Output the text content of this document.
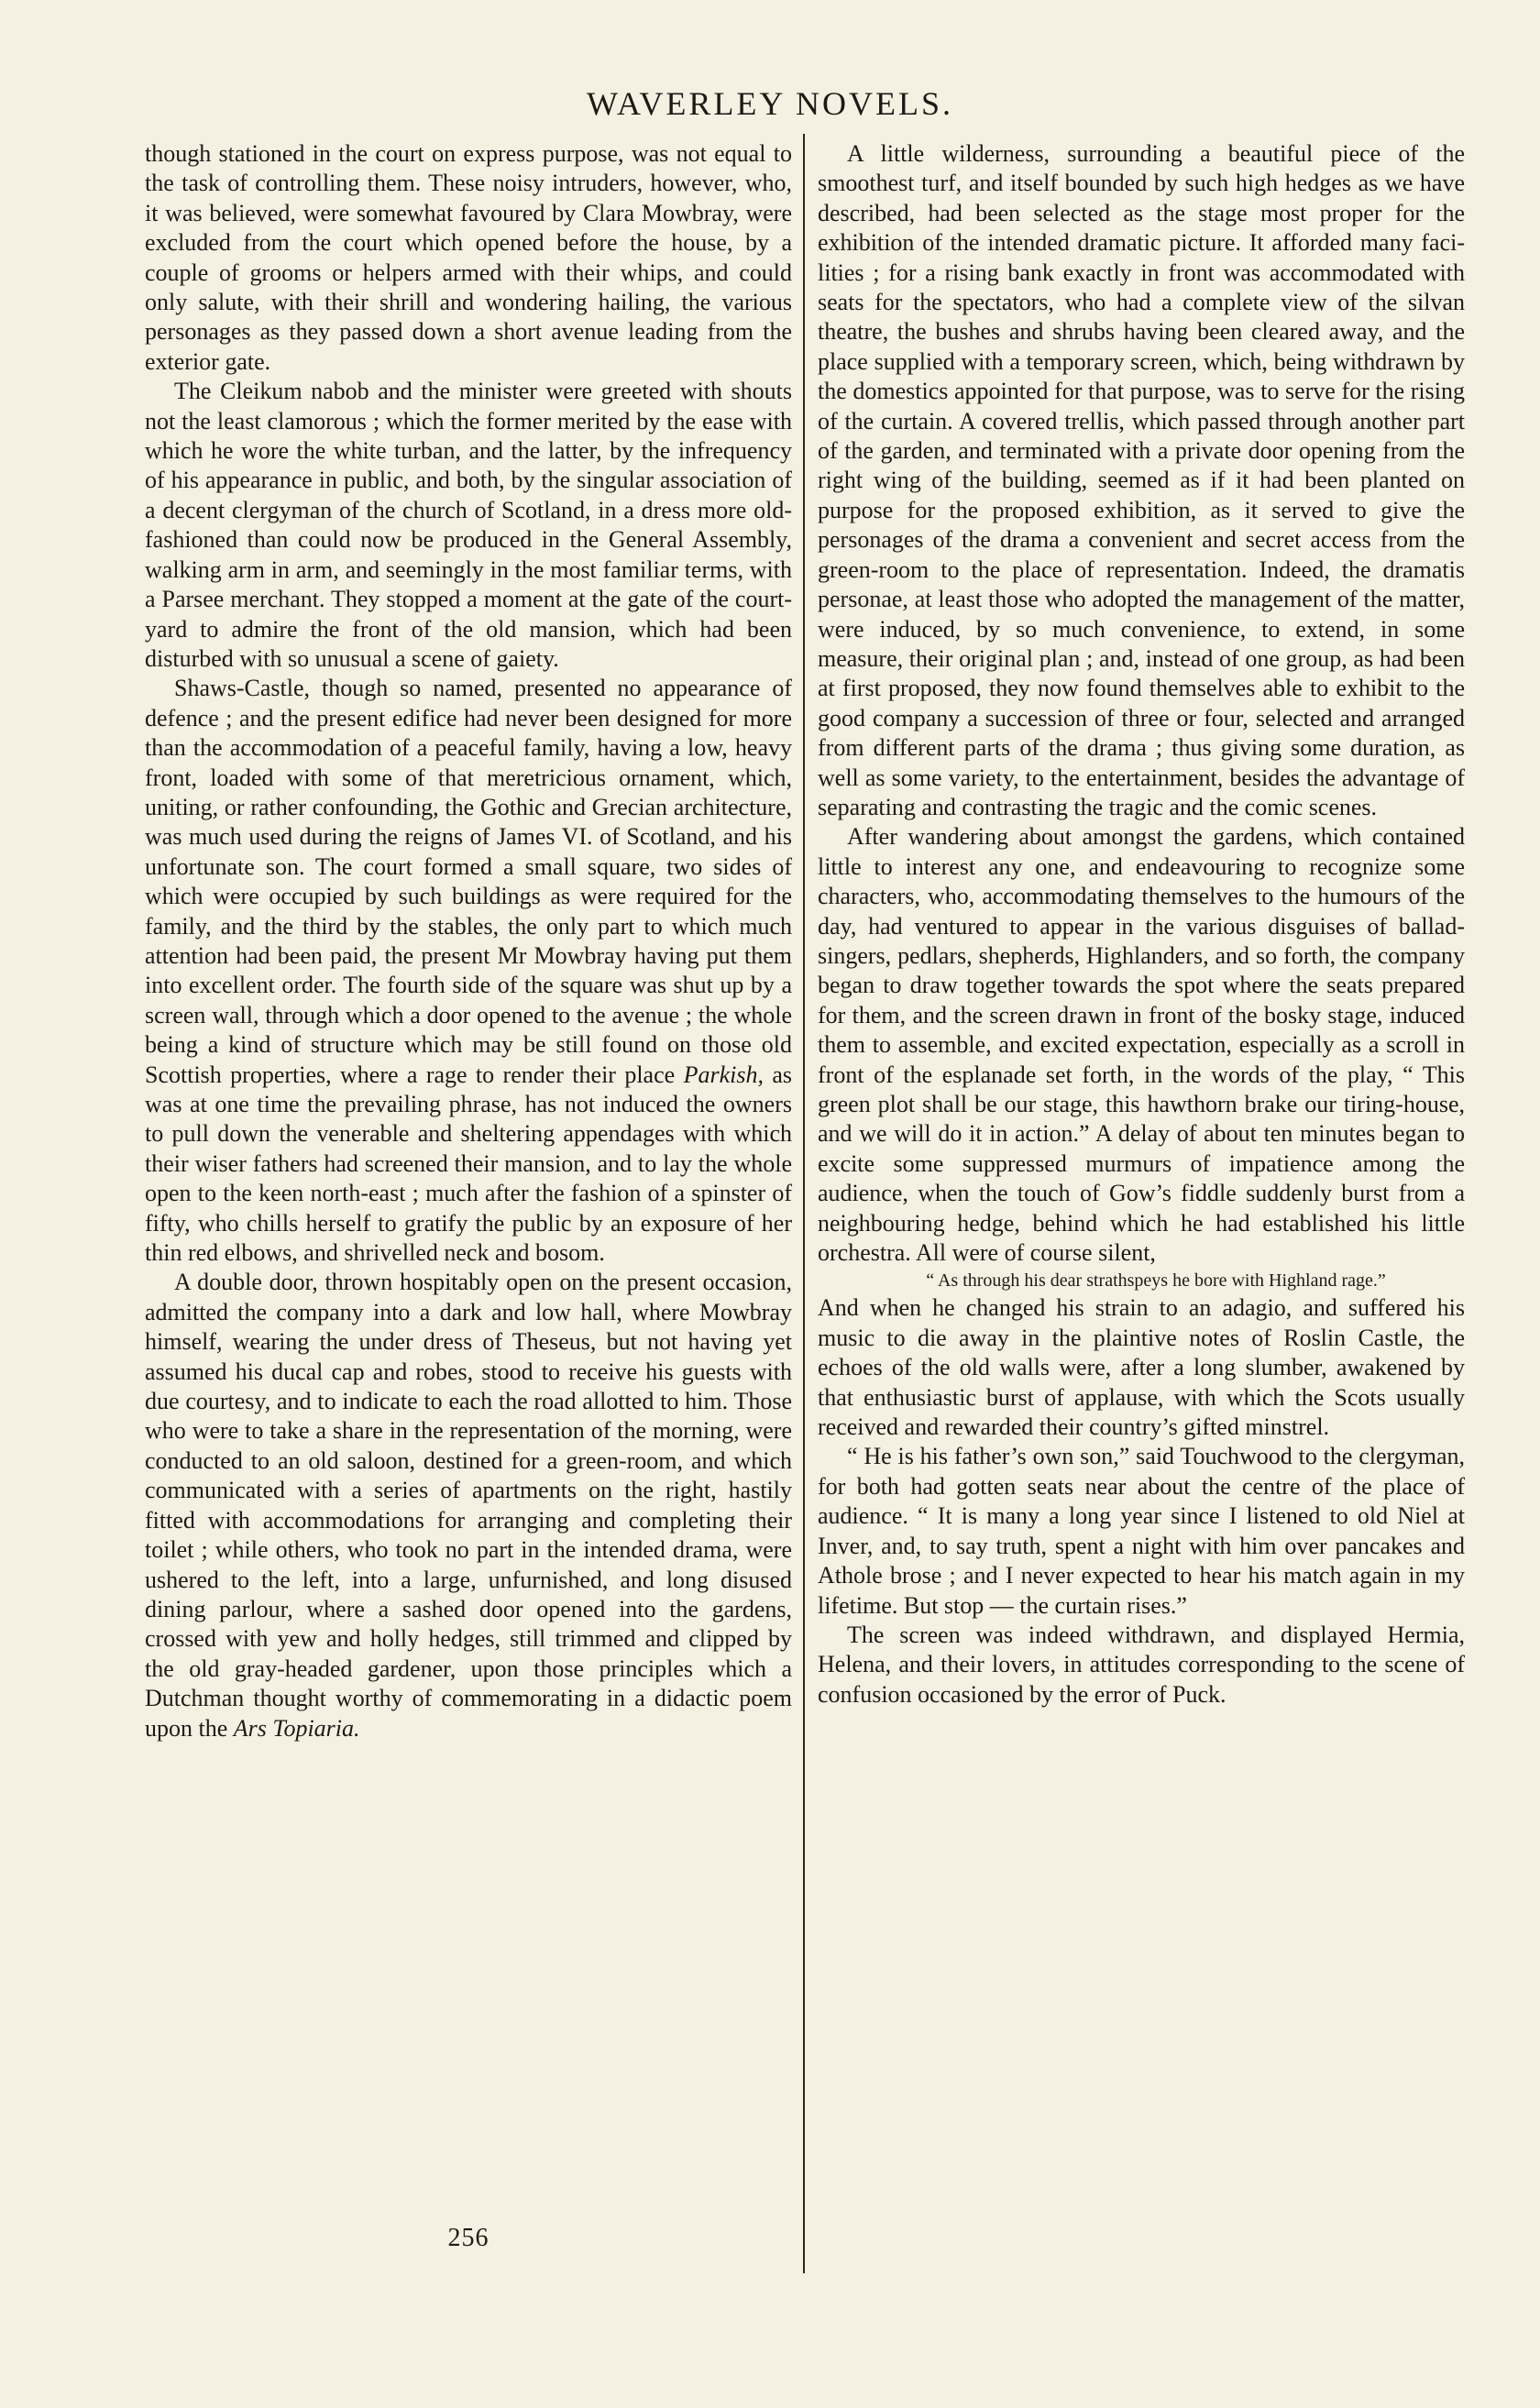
WAVERLEY NOVELS.

though stationed in the court on express purpose, was not equal to the task of controlling them. These noisy intruders, however, who, it was believed, were somewhat favoured by Clara Mowbray, were excluded from the court which opened before the house, by a couple of grooms or helpers armed with their whips, and could only salute, with their shrill and wondering hailing, the various personages as they passed down a short avenue leading from the exterior gate.

The Cleikum nabob and the minister were greeted with shouts not the least clamorous ; which the former merited by the ease with which he wore the white turban, and the latter, by the infrequency of his appearance in public, and both, by the singular association of a decent clergyman of the church of Scotland, in a dress more old-fashioned than could now be produced in the General Assembly, walking arm in arm, and seemingly in the most familiar terms, with a Parsee merchant. They stopped a moment at the gate of the court-yard to admire the front of the old mansion, which had been disturbed with so unusual a scene of gaiety.

Shaws-Castle, though so named, presented no appearance of defence ; and the present edifice had never been designed for more than the accommodation of a peaceful family, having a low, heavy front, loaded with some of that meretricious ornament, which, uniting, or rather confounding, the Gothic and Grecian architecture, was much used during the reigns of James VI. of Scotland, and his unfortunate son. The court formed a small square, two sides of which were occupied by such buildings as were required for the family, and the third by the stables, the only part to which much attention had been paid, the present Mr Mowbray having put them into excellent order. The fourth side of the square was shut up by a screen wall, through which a door opened to the avenue ; the whole being a kind of structure which may be still found on those old Scottish properties, where a rage to render their place Parkish, as was at one time the prevailing phrase, has not induced the owners to pull down the venerable and sheltering appendages with which their wiser fathers had screened their mansion, and to lay the whole open to the keen north-east ; much after the fashion of a spinster of fifty, who chills herself to gratify the public by an exposure of her thin red elbows, and shrivelled neck and bosom.

A double door, thrown hospitably open on the present occasion, admitted the company into a dark and low hall, where Mowbray himself, wearing the under dress of Theseus, but not having yet assumed his ducal cap and robes, stood to receive his guests with due courtesy, and to indicate to each the road allotted to him. Those who were to take a share in the representation of the morning, were conducted to an old saloon, destined for a green-room, and which communicated with a series of apartments on the right, hastily fitted with accommodations for arranging and completing their toilet ; while others, who took no part in the intended drama, were ushered to the left, into a large, unfurnished, and long disused dining parlour, where a sashed door opened into the gardens, crossed with yew and holly hedges, still trimmed and clipped by the old gray-headed gardener, upon those principles which a Dutchman thought worthy of commemorating in a didactic poem upon the Ars Topiaria.

A little wilderness, surrounding a beautiful piece of the smoothest turf, and itself bounded by such high hedges as we have described, had been selected as the stage most proper for the exhibition of the intended dramatic picture. It afforded many facilities ; for a rising bank exactly in front was accommodated with seats for the spectators, who had a complete view of the silvan theatre, the bushes and shrubs having been cleared away, and the place supplied with a temporary screen, which, being withdrawn by the domestics appointed for that purpose, was to serve for the rising of the curtain. A covered trellis, which passed through another part of the garden, and terminated with a private door opening from the right wing of the building, seemed as if it had been planted on purpose for the proposed exhibition, as it served to give the personages of the drama a convenient and secret access from the green-room to the place of representation. Indeed, the dramatis personae, at least those who adopted the management of the matter, were induced, by so much convenience, to extend, in some measure, their original plan ; and, instead of one group, as had been at first proposed, they now found themselves able to exhibit to the good company a succession of three or four, selected and arranged from different parts of the drama ; thus giving some duration, as well as some variety, to the entertainment, besides the advantage of separating and contrasting the tragic and the comic scenes.

After wandering about amongst the gardens, which contained little to interest any one, and endeavouring to recognize some characters, who, accommodating themselves to the humours of the day, had ventured to appear in the various disguises of ballad-singers, pedlars, shepherds, Highlanders, and so forth, the company began to draw together towards the spot where the seats prepared for them, and the screen drawn in front of the bosky stage, induced them to assemble, and excited expectation, especially as a scroll in front of the esplanade set forth, in the words of the play, “ This green plot shall be our stage, this hawthorn brake our tiring-house, and we will do it in action.” A delay of about ten minutes began to excite some suppressed murmurs of impatience among the audience, when the touch of Gow’s fiddle suddenly burst from a neighbouring hedge, behind which he had established his little orchestra. All were of course silent,

“ As through his dear strathspeys he bore with Highland rage.”

And when he changed his strain to an adagio, and suffered his music to die away in the plaintive notes of Roslin Castle, the echoes of the old walls were, after a long slumber, awakened by that enthusiastic burst of applause, with which the Scots usually received and rewarded their country’s gifted minstrel.

“ He is his father’s own son,” said Touchwood to the clergyman, for both had gotten seats near about the centre of the place of audience. “ It is many a long year since I listened to old Niel at Inver, and, to say truth, spent a night with him over pancakes and Athole brose ; and I never expected to hear his match again in my lifetime. But stop — the curtain rises.”

The screen was indeed withdrawn, and displayed Hermia, Helena, and their lovers, in attitudes corresponding to the scene of confusion occasioned by the error of Puck.

256
